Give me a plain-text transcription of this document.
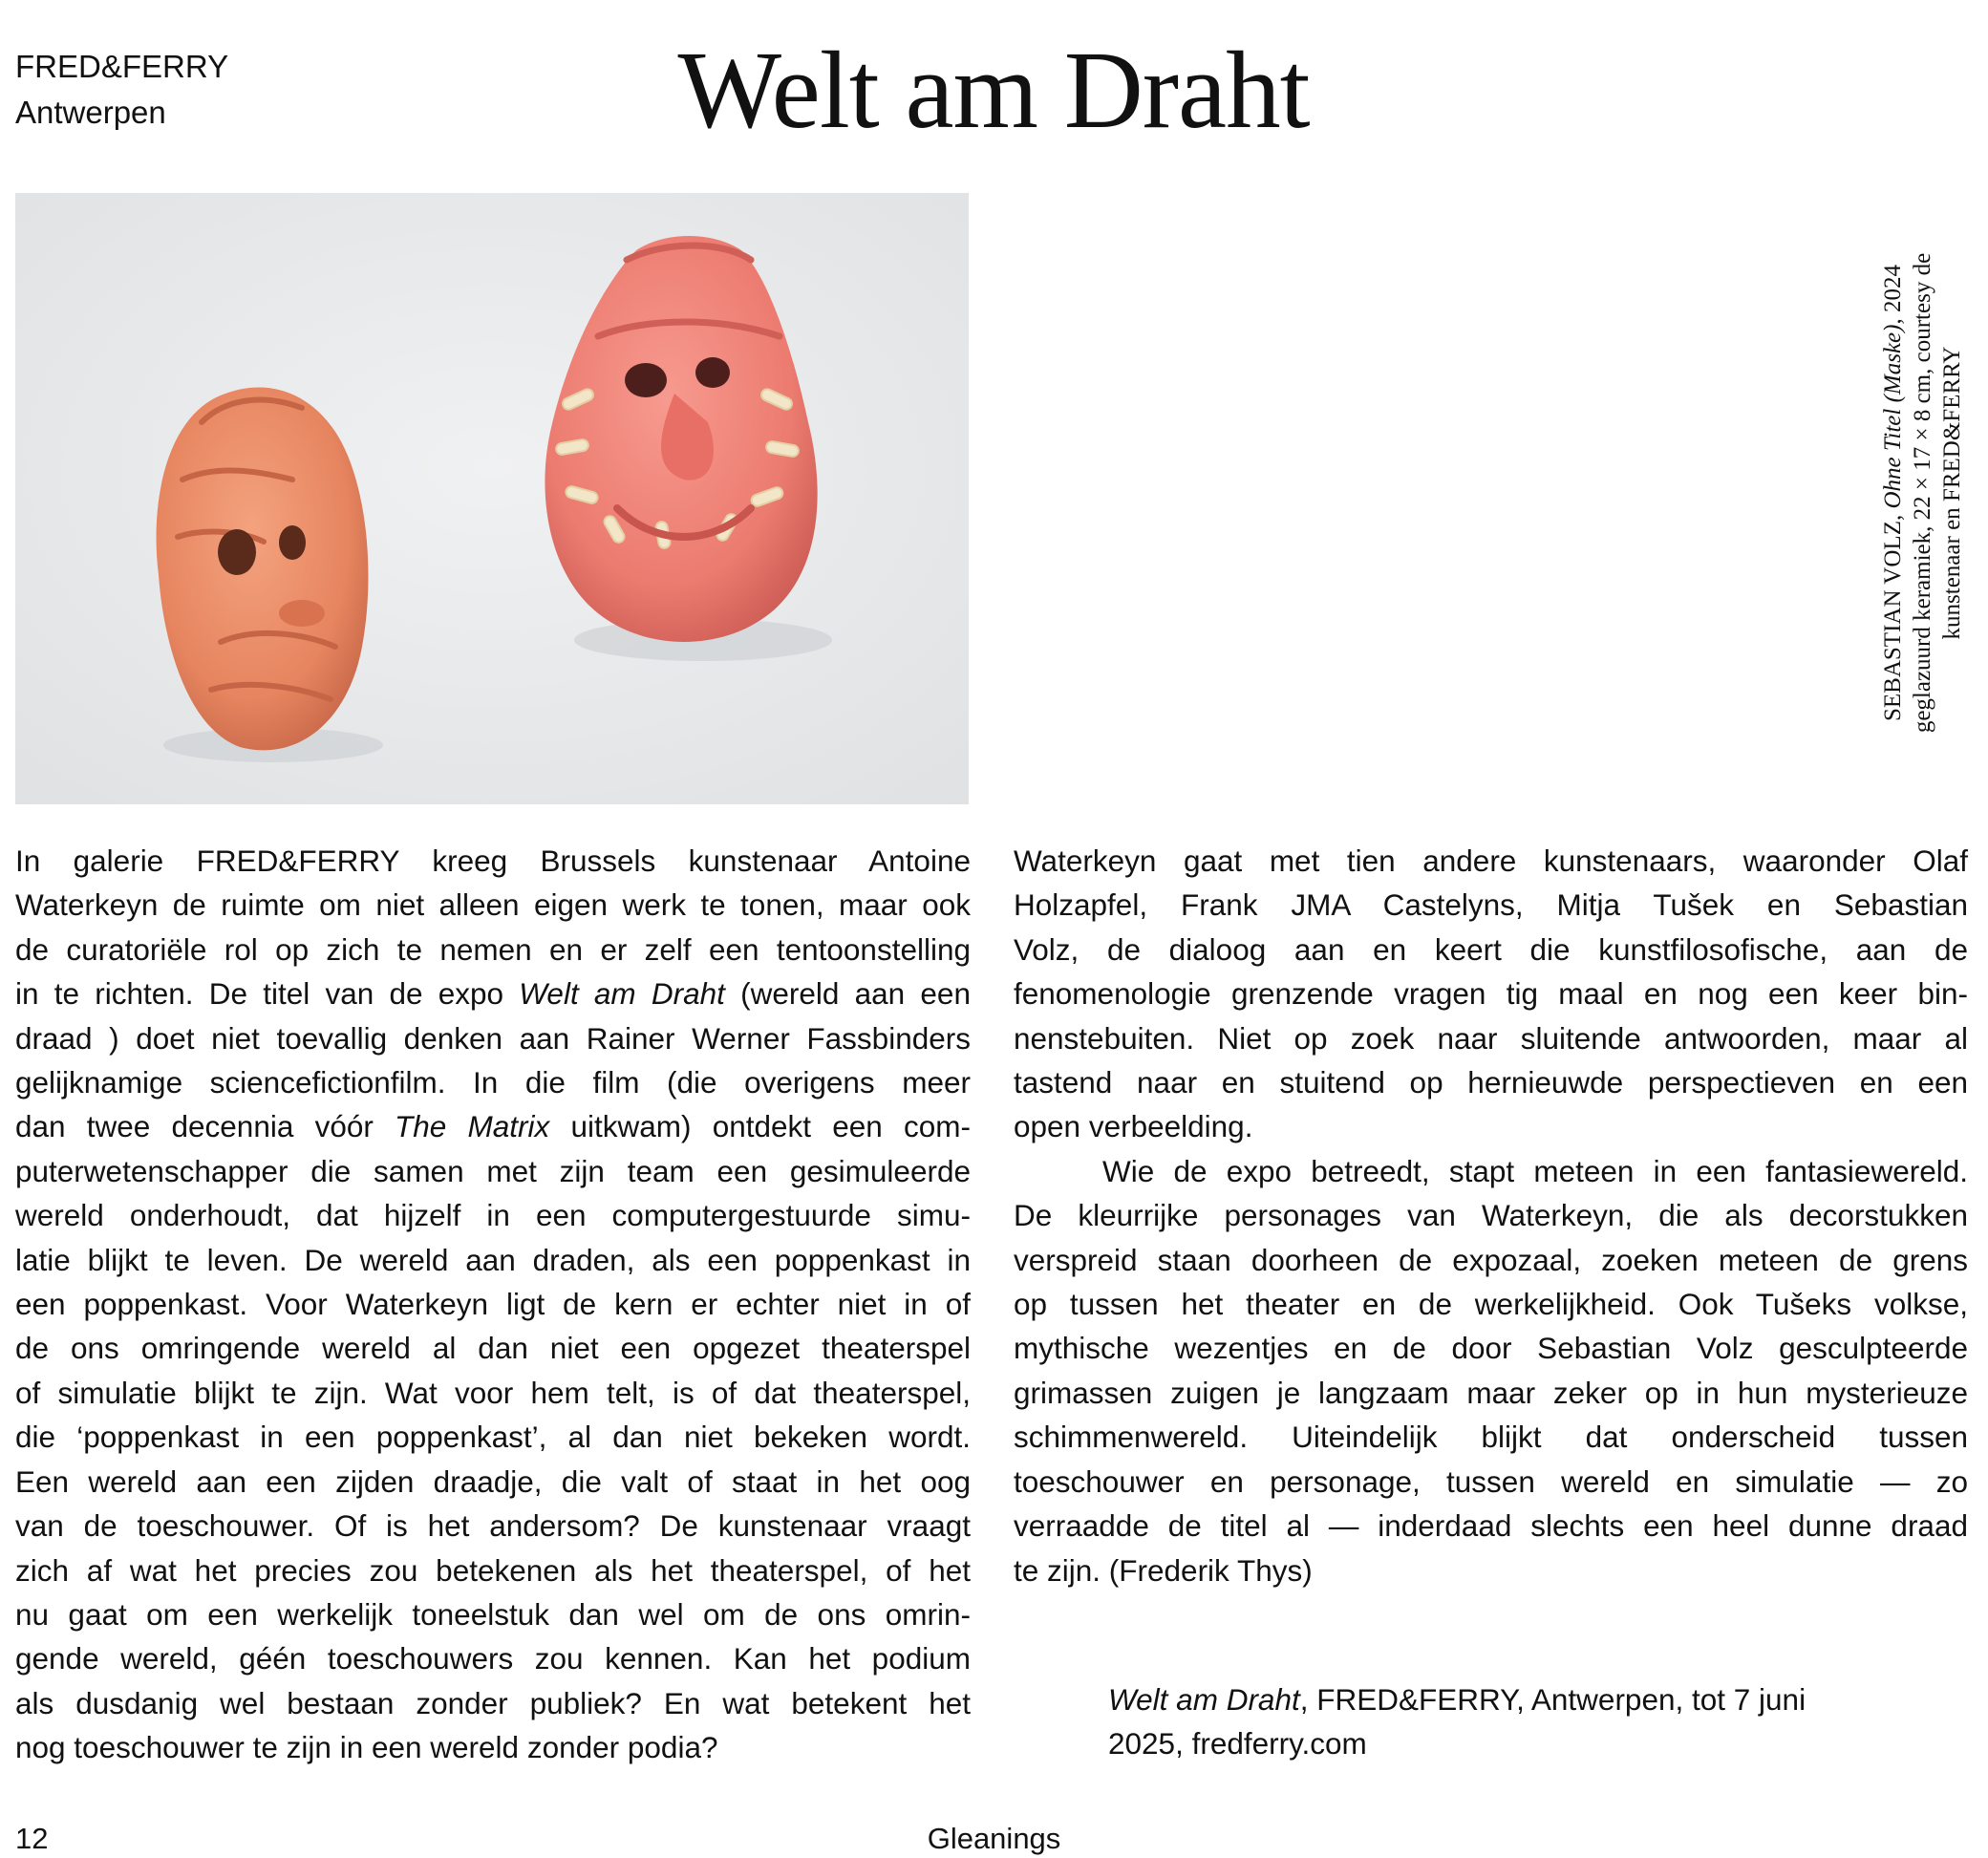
FRED&FERRY
Antwerpen	Welt am Draht
SEBASTIAN VOLZ, Ohne Titel (Maske), 2024 geglazuurd keramiek, 22 × 17 × 8 cm, courtesy de kunstenaar en FRED&FERRY
In galerie FRED&FERRY kreeg Brussels kunstenaar Antoine
Waterkeyn de ruimte om niet alleen eigen werk te tonen, maar ook
de curatoriële rol op zich te nemen en er zelf een tentoonstelling
in te richten. De titel van de expo Welt am Draht (wereld aan een
draad ) doet niet toevallig denken aan Rainer Werner Fassbinders
gelijknamige sciencefictionfilm. In die film (die overigens meer
dan twee decennia vóór The Matrix uitkwam) ontdekt een com-
puterwetenschapper die samen met zijn team een gesimuleerde
wereld onderhoudt, dat hijzelf in een computergestuurde simu-
latie blijkt te leven. De wereld aan draden, als een poppenkast in
een poppenkast. Voor Waterkeyn ligt de kern er echter niet in of
de ons omringende wereld al dan niet een opgezet theaterspel
of simulatie blijkt te zijn. Wat voor hem telt, is of dat theaterspel,
die ‘poppenkast in een poppenkast’, al dan niet bekeken wordt.
Een wereld aan een zijden draadje, die valt of staat in het oog
van de toeschouwer. Of is het andersom? De kunstenaar vraagt
zich af wat het precies zou betekenen als het theaterspel, of het
nu gaat om een werkelijk toneelstuk dan wel om de ons omrin-
gende wereld, géén toeschouwers zou kennen. Kan het podium
als dusdanig wel bestaan zonder publiek? En wat betekent het
nog toeschouwer te zijn in een wereld zonder podia?
Waterkeyn gaat met tien andere kunstenaars, waaronder Olaf
Holzapfel, Frank JMA Castelyns, Mitja Tušek en Sebastian
Volz, de dialoog aan en keert die kunstfilosofische, aan de
fenomenologie grenzende vragen tig maal en nog een keer bin-
nenstebuiten. Niet op zoek naar sluitende antwoorden, maar al
tastend naar en stuitend op hernieuwde perspectieven en een
open verbeelding.
Wie de expo betreedt, stapt meteen in een fantasiewereld.
De kleurrijke personages van Waterkeyn, die als decorstukken
verspreid staan doorheen de expozaal, zoeken meteen de grens
op tussen het theater en de werkelijkheid. Ook Tušeks volkse,
mythische wezentjes en de door Sebastian Volz gesculpteerde
grimassen zuigen je langzaam maar zeker op in hun mysterieuze
schimmenwereld. Uiteindelijk blijkt dat onderscheid tussen
toeschouwer en personage, tussen wereld en simulatie — zo
verraadde de titel al — inderdaad slechts een heel dunne draad
te zijn. (Frederik Thys)
Welt am Draht, FRED&FERRY, Antwerpen, tot 7 juni
2025, fredferry.com
12	Gleanings
